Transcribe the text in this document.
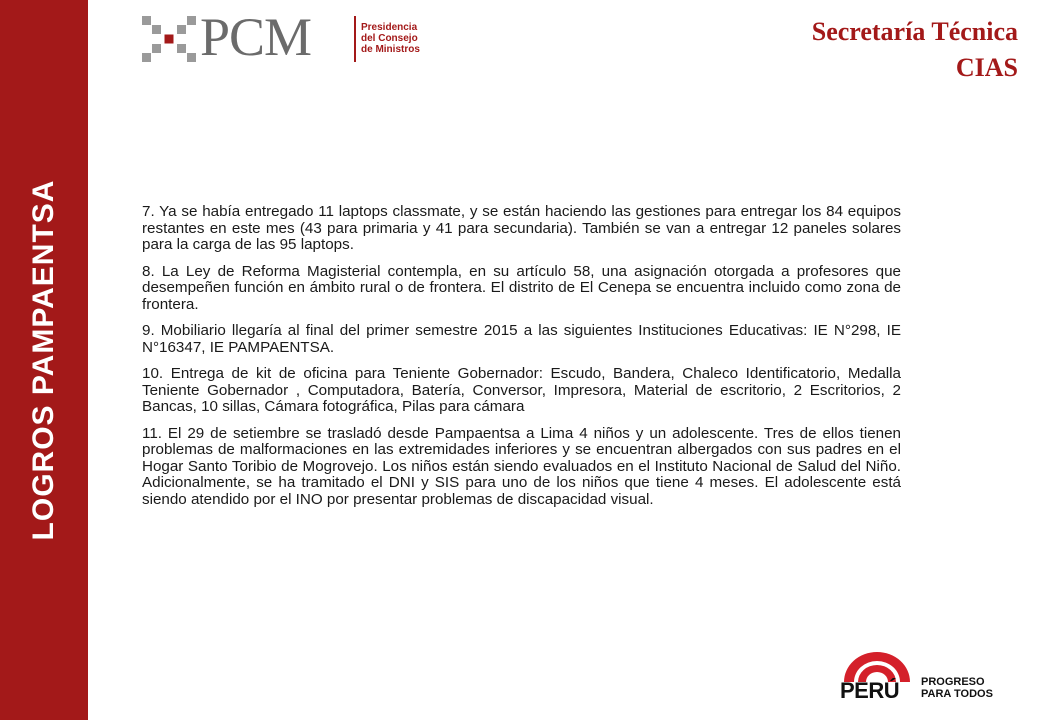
LOGROS PAMPAENTSA
PCM	Presidencia
del Consejo
de Ministros
Secretaría Técnica
CIAS

7. Ya se había entregado 11 laptops classmate, y se están haciendo las gestiones para entregar los 84 equipos restantes en este mes (43 para primaria y 41 para secundaria). También se van a entregar 12 paneles solares para la carga de las 95 laptops.

8. La Ley de Reforma Magisterial contempla, en su artículo 58, una asignación otorgada a profesores que desempeñen función en ámbito rural o de frontera. El distrito de El Cenepa se encuentra incluido como zona de frontera.

9. Mobiliario llegaría al final del primer semestre 2015 a las siguientes Instituciones Educativas: IE N°298, IE N°16347, IE PAMPAENTSA.

10. Entrega de kit de oficina para Teniente Gobernador: Escudo, Bandera, Chaleco Identificatorio, Medalla Teniente Gobernador , Computadora, Batería, Conversor, Impresora, Material de escritorio, 2 Escritorios, 2 Bancas, 10 sillas, Cámara fotográfica, Pilas para cámara

11. El 29 de setiembre se trasladó desde Pampaentsa a Lima 4 niños y un adolescente. Tres de ellos tienen problemas de malformaciones en las extremidades inferiores y se encuentran albergados con sus padres en el Hogar Santo Toribio de Mogrovejo. Los niños están siendo evaluados en el Instituto Nacional de Salud del Niño. Adicionalmente, se ha tramitado el DNI y SIS para uno de los niños que tiene 4 meses. El adolescente está siendo atendido por el INO por presentar problemas de discapacidad visual.

PERÚ PROGRESO
PARA TODOS
